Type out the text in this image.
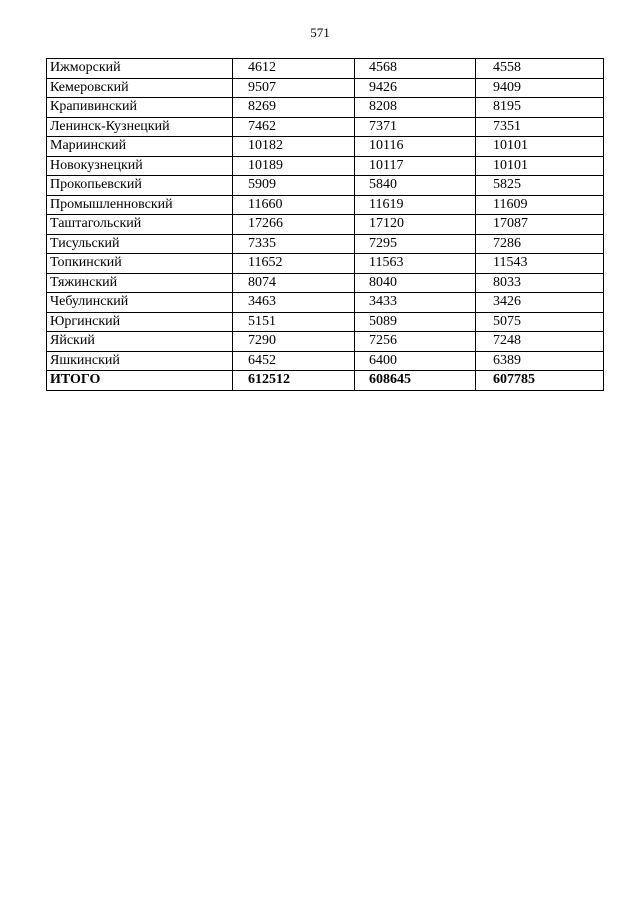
571
Ижморский	4612	4568	4558
Кемеровский	9507	9426	9409
Крапивинский	8269	8208	8195
Ленинск-Кузнецкий	7462	7371	7351
Мариинский	10182	10116	10101
Новокузнецкий	10189	10117	10101
Прокопьевский	5909	5840	5825
Промышленновский	11660	11619	11609
Таштагольский	17266	17120	17087
Тисульский	7335	7295	7286
Топкинский	11652	11563	11543
Тяжинский	8074	8040	8033
Чебулинский	3463	3433	3426
Юргинский	5151	5089	5075
Яйский	7290	7256	7248
Яшкинский	6452	6400	6389
ИТОГО	612512	608645	607785
